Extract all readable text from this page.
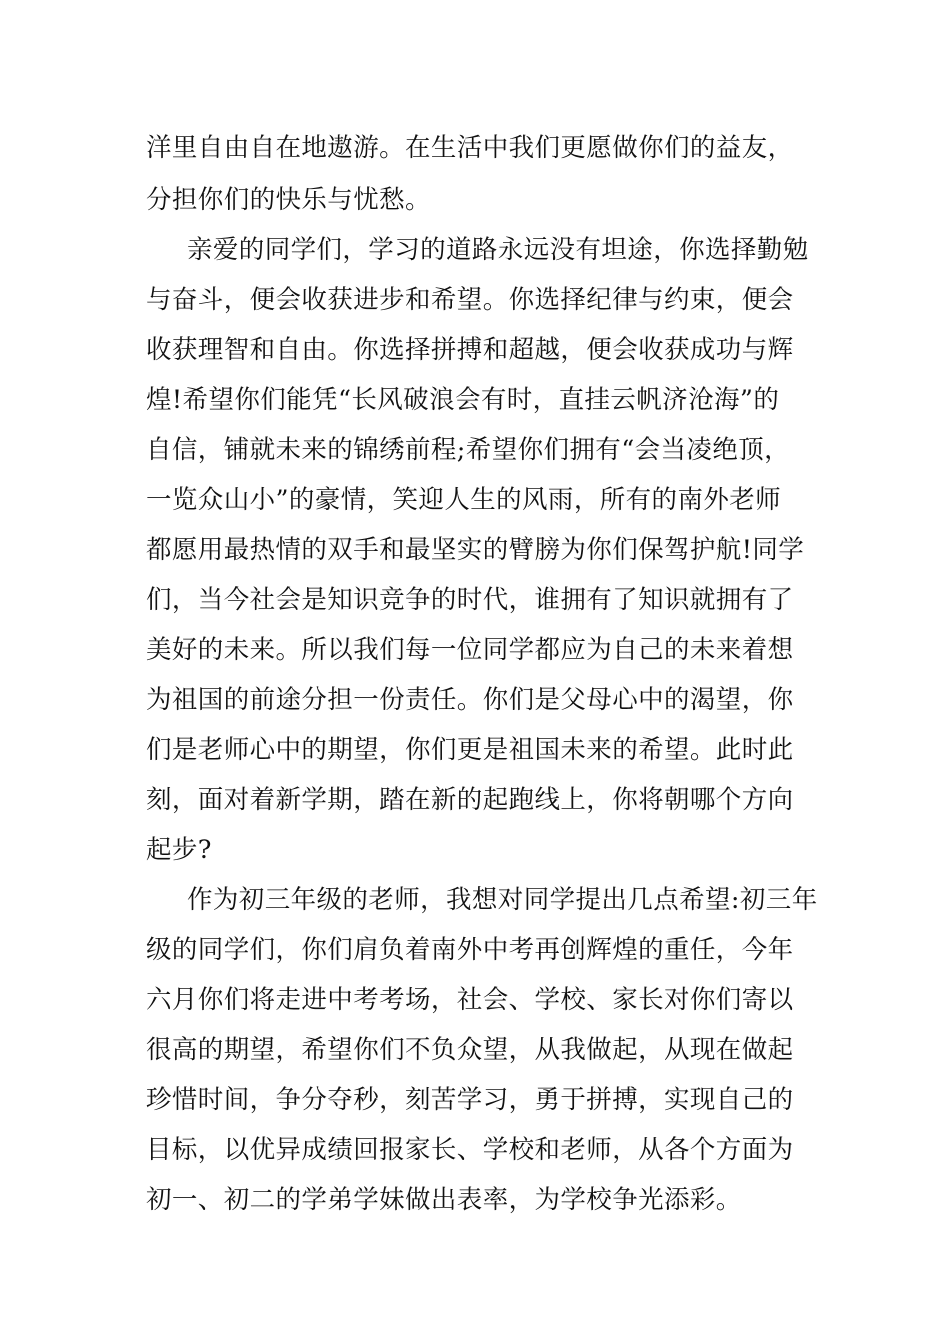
洋里自由自在地遨游。在生活中我们更愿做你们的益友，
分担你们的快乐与忧愁。
亲爱的同学们，学习的道路永远没有坦途，你选择勤勉
与奋斗，便会收获进步和希望。你选择纪律与约束，便会
收获理智和自由。你选择拼搏和超越，便会收获成功与辉
煌!希望你们能凭“长风破浪会有时，直挂云帆济沧海”的
自信，铺就未来的锦绣前程;希望你们拥有“会当凌绝顶，
一览众山小”的豪情，笑迎人生的风雨，所有的南外老师
都愿用最热情的双手和最坚实的臂膀为你们保驾护航!同学
们，当今社会是知识竞争的时代，谁拥有了知识就拥有了
美好的未来。所以我们每一位同学都应为自己的未来着想
为祖国的前途分担一份责任。你们是父母心中的渴望，你
们是老师心中的期望，你们更是祖国未来的希望。此时此
刻，面对着新学期，踏在新的起跑线上，你将朝哪个方向
起步?
作为初三年级的老师，我想对同学提出几点希望:初三年
级的同学们，你们肩负着南外中考再创辉煌的重任，今年
六月你们将走进中考考场，社会、学校、家长对你们寄以
很高的期望，希望你们不负众望，从我做起，从现在做起
珍惜时间，争分夺秒，刻苦学习，勇于拼搏，实现自己的
目标，以优异成绩回报家长、学校和老师，从各个方面为
初一、初二的学弟学妹做出表率，为学校争光添彩。
